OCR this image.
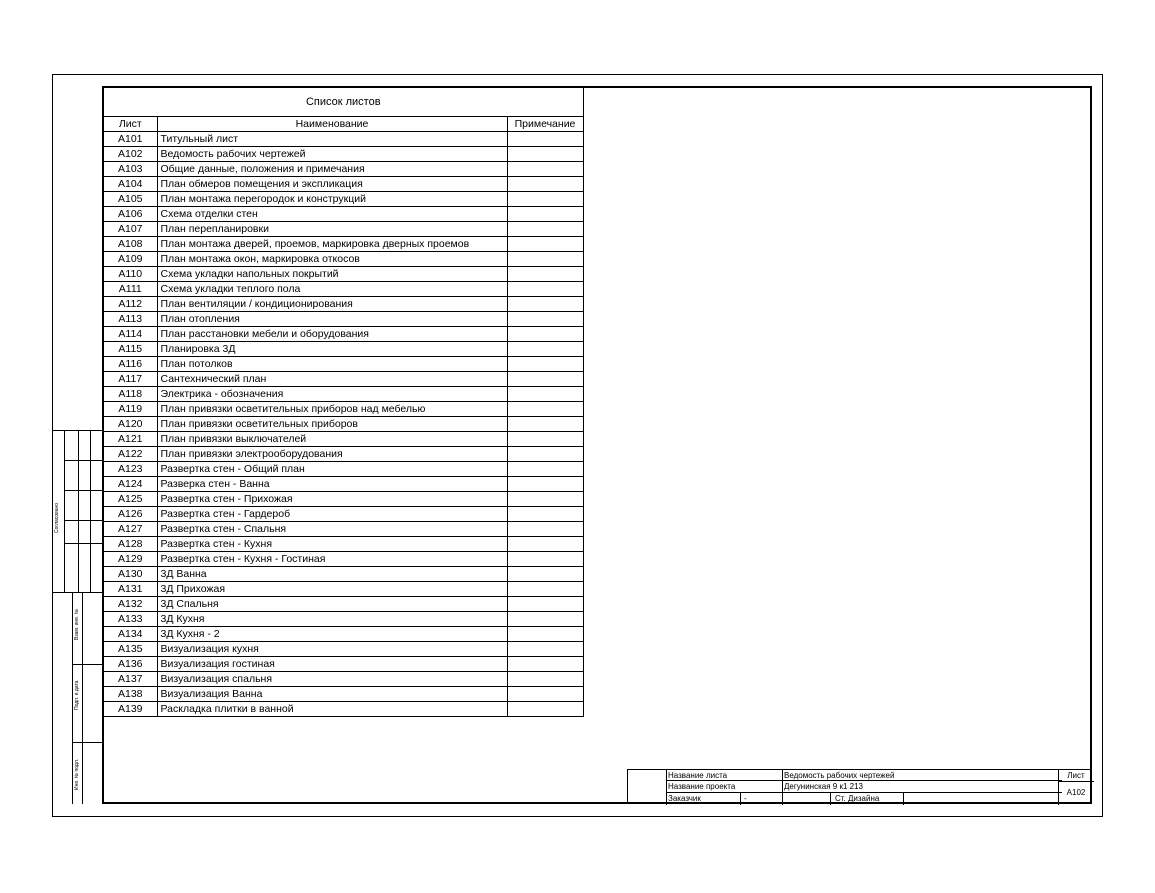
Список листов		
Лист	Наименование	Примечание
А101	Титульный лист	
А102	Ведомость рабочих чертежей	
А103	Общие данные, положения и примечания	
А104	План обмеров помещения и экспликация	
А105	План монтажа перегородок и конструкций	
А106	Схема отделки стен	
А107	План перепланировки	
А108	План монтажа дверей, проемов, маркировка дверных проемов	
А109	План монтажа окон, маркировка откосов	
А110	Схема укладки напольных покрытий	
А111	Схема укладки теплого пола	
А112	План вентиляции / кондиционирования	
А113	План отопления	
А114	План расстановки мебели и оборудования	
А115	Планировка 3Д	
А116	План потолков	
А117	Сантехнический план	
А118	Электрика - обозначения	
А119	План привязки осветительных приборов над мебелью	
А120	План привязки осветительных приборов	
А121	План привязки выключателей	
А122	План привязки электрооборудования	
А123	Развертка стен - Общий план	
А124	Разверка стен - Ванна	
А125	Развертка стен - Прихожая	
А126	Развертка стен - Гардероб	
А127	Развертка стен - Спальня	
А128	Развертка стен - Кухня	
А129	Развертка стен - Кухня - Гостиная	
А130	3Д Ванна	
А131	3Д Прихожая	
А132	3Д Спальня	
А133	3Д Кухня	
А134	3Д Кухня - 2	
А135	Визуализация кухня	
А136	Визуализация гостиная	
А137	Визуализация спальня	
А138	Визуализация Ванна	
А139	Раскладка плитки в ванной	
Согласовано
Взам. инв. №
Подп. и дата
Инв. № подл.	Название листа	Ведомость рабочих чертежей
Название проекта	Дегунинская 9 к1 213
Заказчик	-	Ст. Дизайна
Лист
А102
